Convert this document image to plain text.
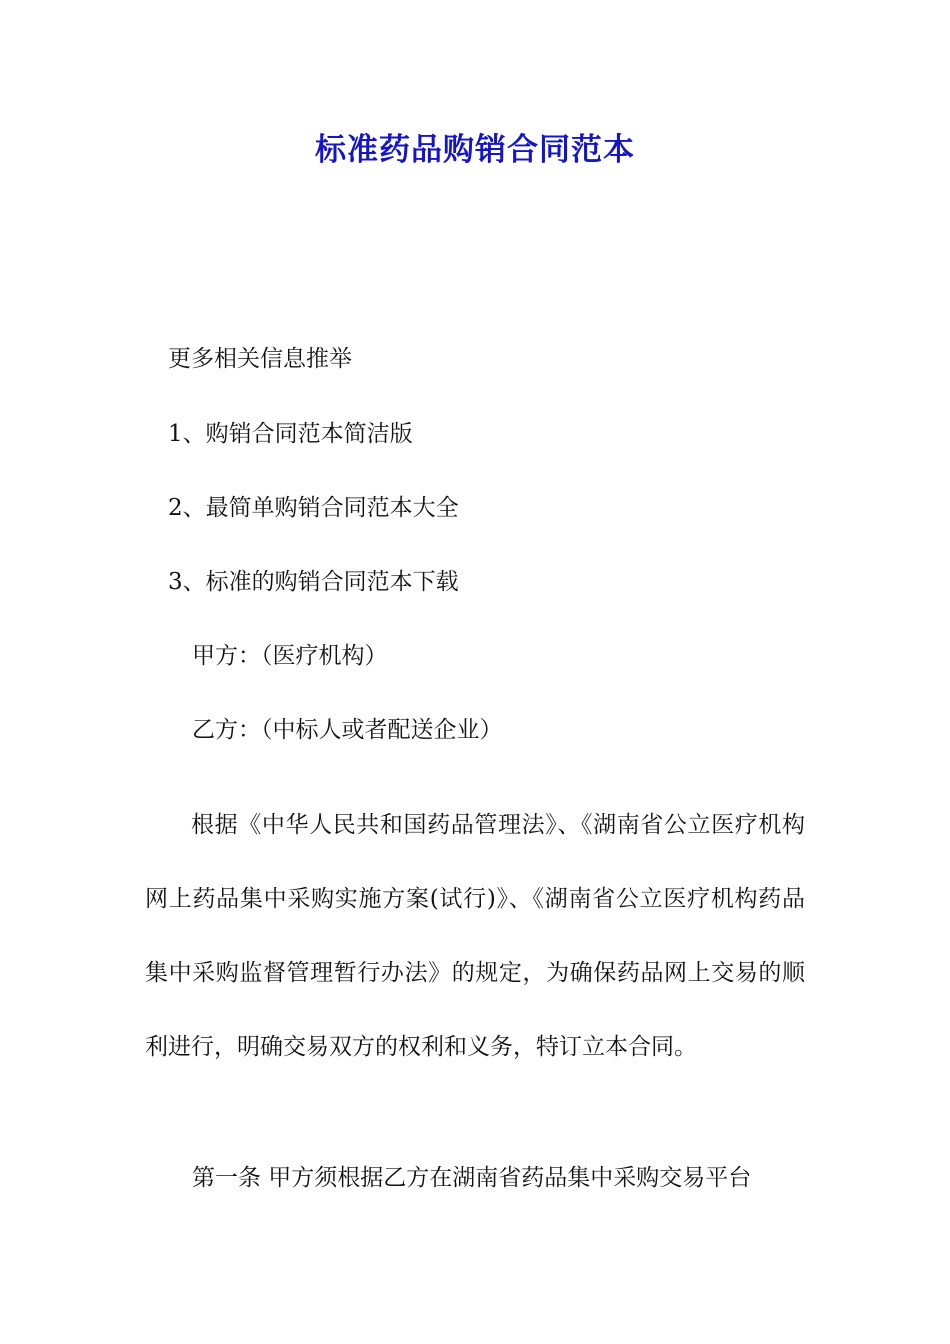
标准药品购销合同范本
更多相关信息推举
1、购销合同范本简洁版
2、最简单购销合同范本大全
3、标准的购销合同范本下载
甲方：（医疗机构）
乙方：（中标人或者配送企业）

根据《中华人民共和国药品管理法》、《湖南省公立医疗机构网上药品集中采购实施方案(试行)》、《湖南省公立医疗机构药品集中采购监督管理暂行办法》的规定，为确保药品网上交易的顺利进行，明确交易双方的权利和义务，特订立本合同。

第一条 甲方须根据乙方在湖南省药品集中采购交易平台
